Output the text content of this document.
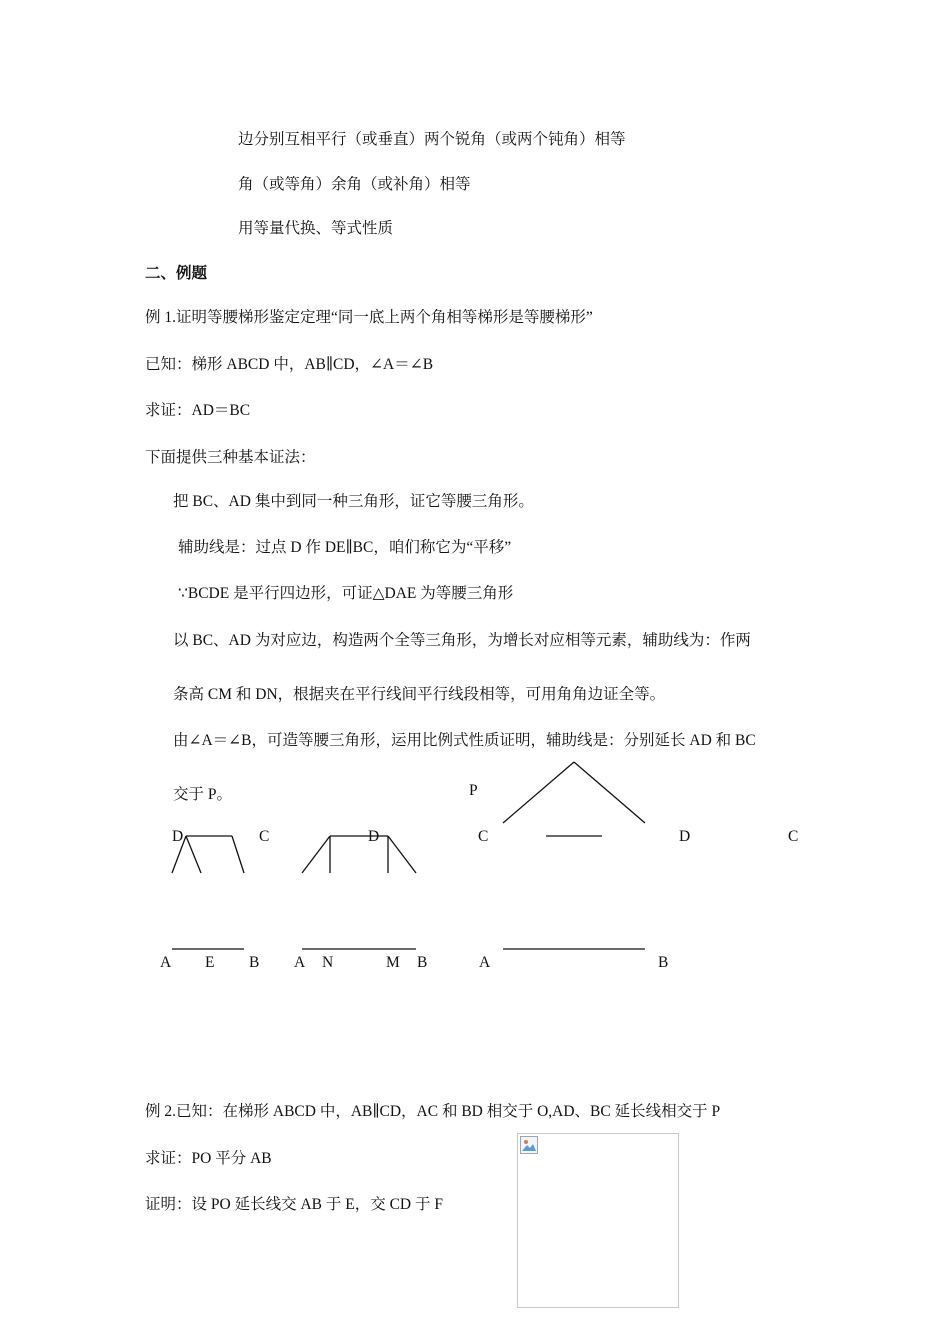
边分别互相平行（或垂直）两个锐角（或两个钝角）相等
角（或等角）余角（或补角）相等
用等量代换、等式性质
二、例题
例 1.证明等腰梯形鉴定定理“同一底上两个角相等梯形是等腰梯形”
已知：梯形 ABCD 中，AB∥CD，∠A＝∠B
求证：AD＝BC
下面提供三种基本证法：
把 BC、AD 集中到同一种三角形，证它等腰三角形。
辅助线是：过点 D 作 DE∥BC，咱们称它为“平移”
∵BCDE 是平行四边形，可证△DAE 为等腰三角形
以 BC、AD 为对应边，构造两个全等三角形，为增长对应相等元素，辅助线为：作两
条高 CM 和 DN，根据夹在平行线间平行线段相等，可用角角边证全等。
由∠A＝∠B，可造等腰三角形，运用比例式性质证明，辅助线是：分别延长 AD 和 BC
交于 P。
D	C
A E B
D	C
A N	M B
P
D	C
A	B
例 2.已知：在梯形 ABCD 中，AB∥CD，AC 和 BD 相交于 O,AD、BC 延长线相交于 P
求证：PO 平分 AB
证明：设 PO 延长线交 AB 于 E，交 CD 于 F
